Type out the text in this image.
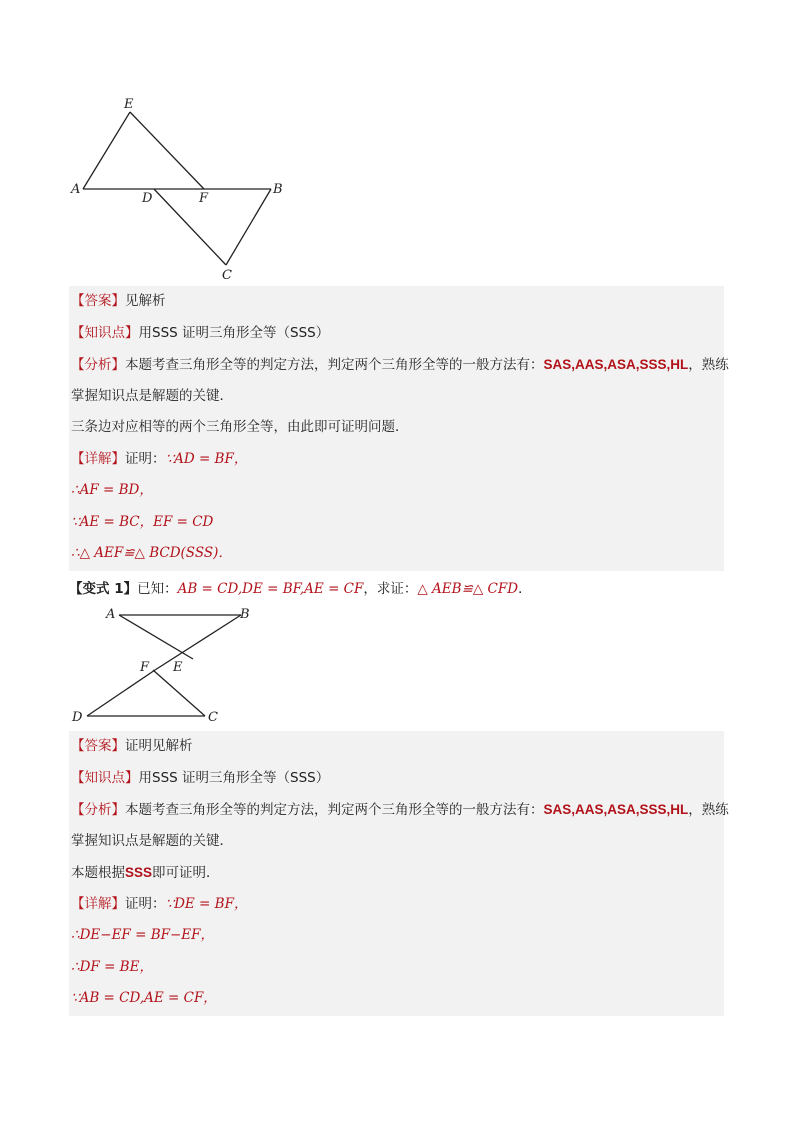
E
A
D	F
B
C
【答案】见解析
【知识点】用SSS 证明三角形全等（SSS）
【分析】本题考查三角形全等的判定方法，判定两个三角形全等的一般方法有：SAS,AAS,ASA,SSS,HL，熟练
掌握知识点是解题的关键．
三条边对应相等的两个三角形全等，由此即可证明问题．
【详解】证明：∵AD = BF，
∴AF = BD，
∵AE = BC，EF = CD
∴△ AEF≌△ BCD(SSS)．
【变式 1】已知：AB = CD,DE = BF,AE = CF，求证：△ AEB≌△ CFD．
A	B
E
F
D	C
【答案】证明见解析
【知识点】用SSS 证明三角形全等（SSS）
【分析】本题考查三角形全等的判定方法，判定两个三角形全等的一般方法有：SAS,AAS,ASA,SSS,HL，熟练
掌握知识点是解题的关键．
本题根据SSS即可证明．
【详解】证明：∵DE = BF，
∴DE−EF = BF−EF，
∴DF = BE，
∵AB = CD,AE = CF，
